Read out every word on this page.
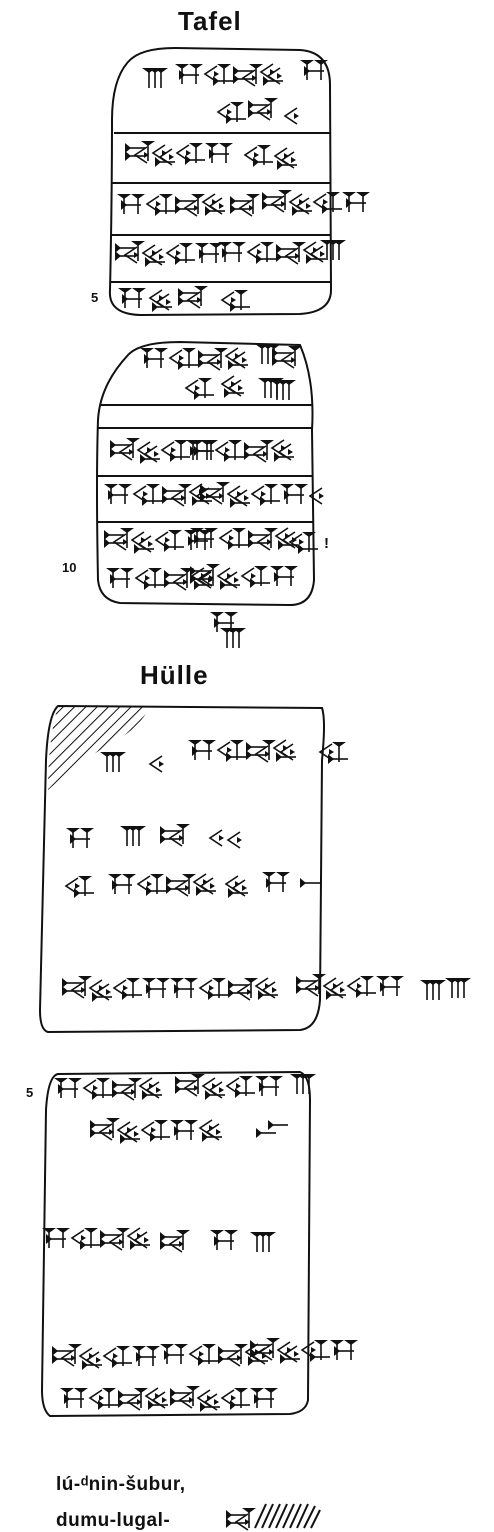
Tafel
Hülle
5
10
5
!
lú-ᵈnin-šubur,
dumu-lugal-
